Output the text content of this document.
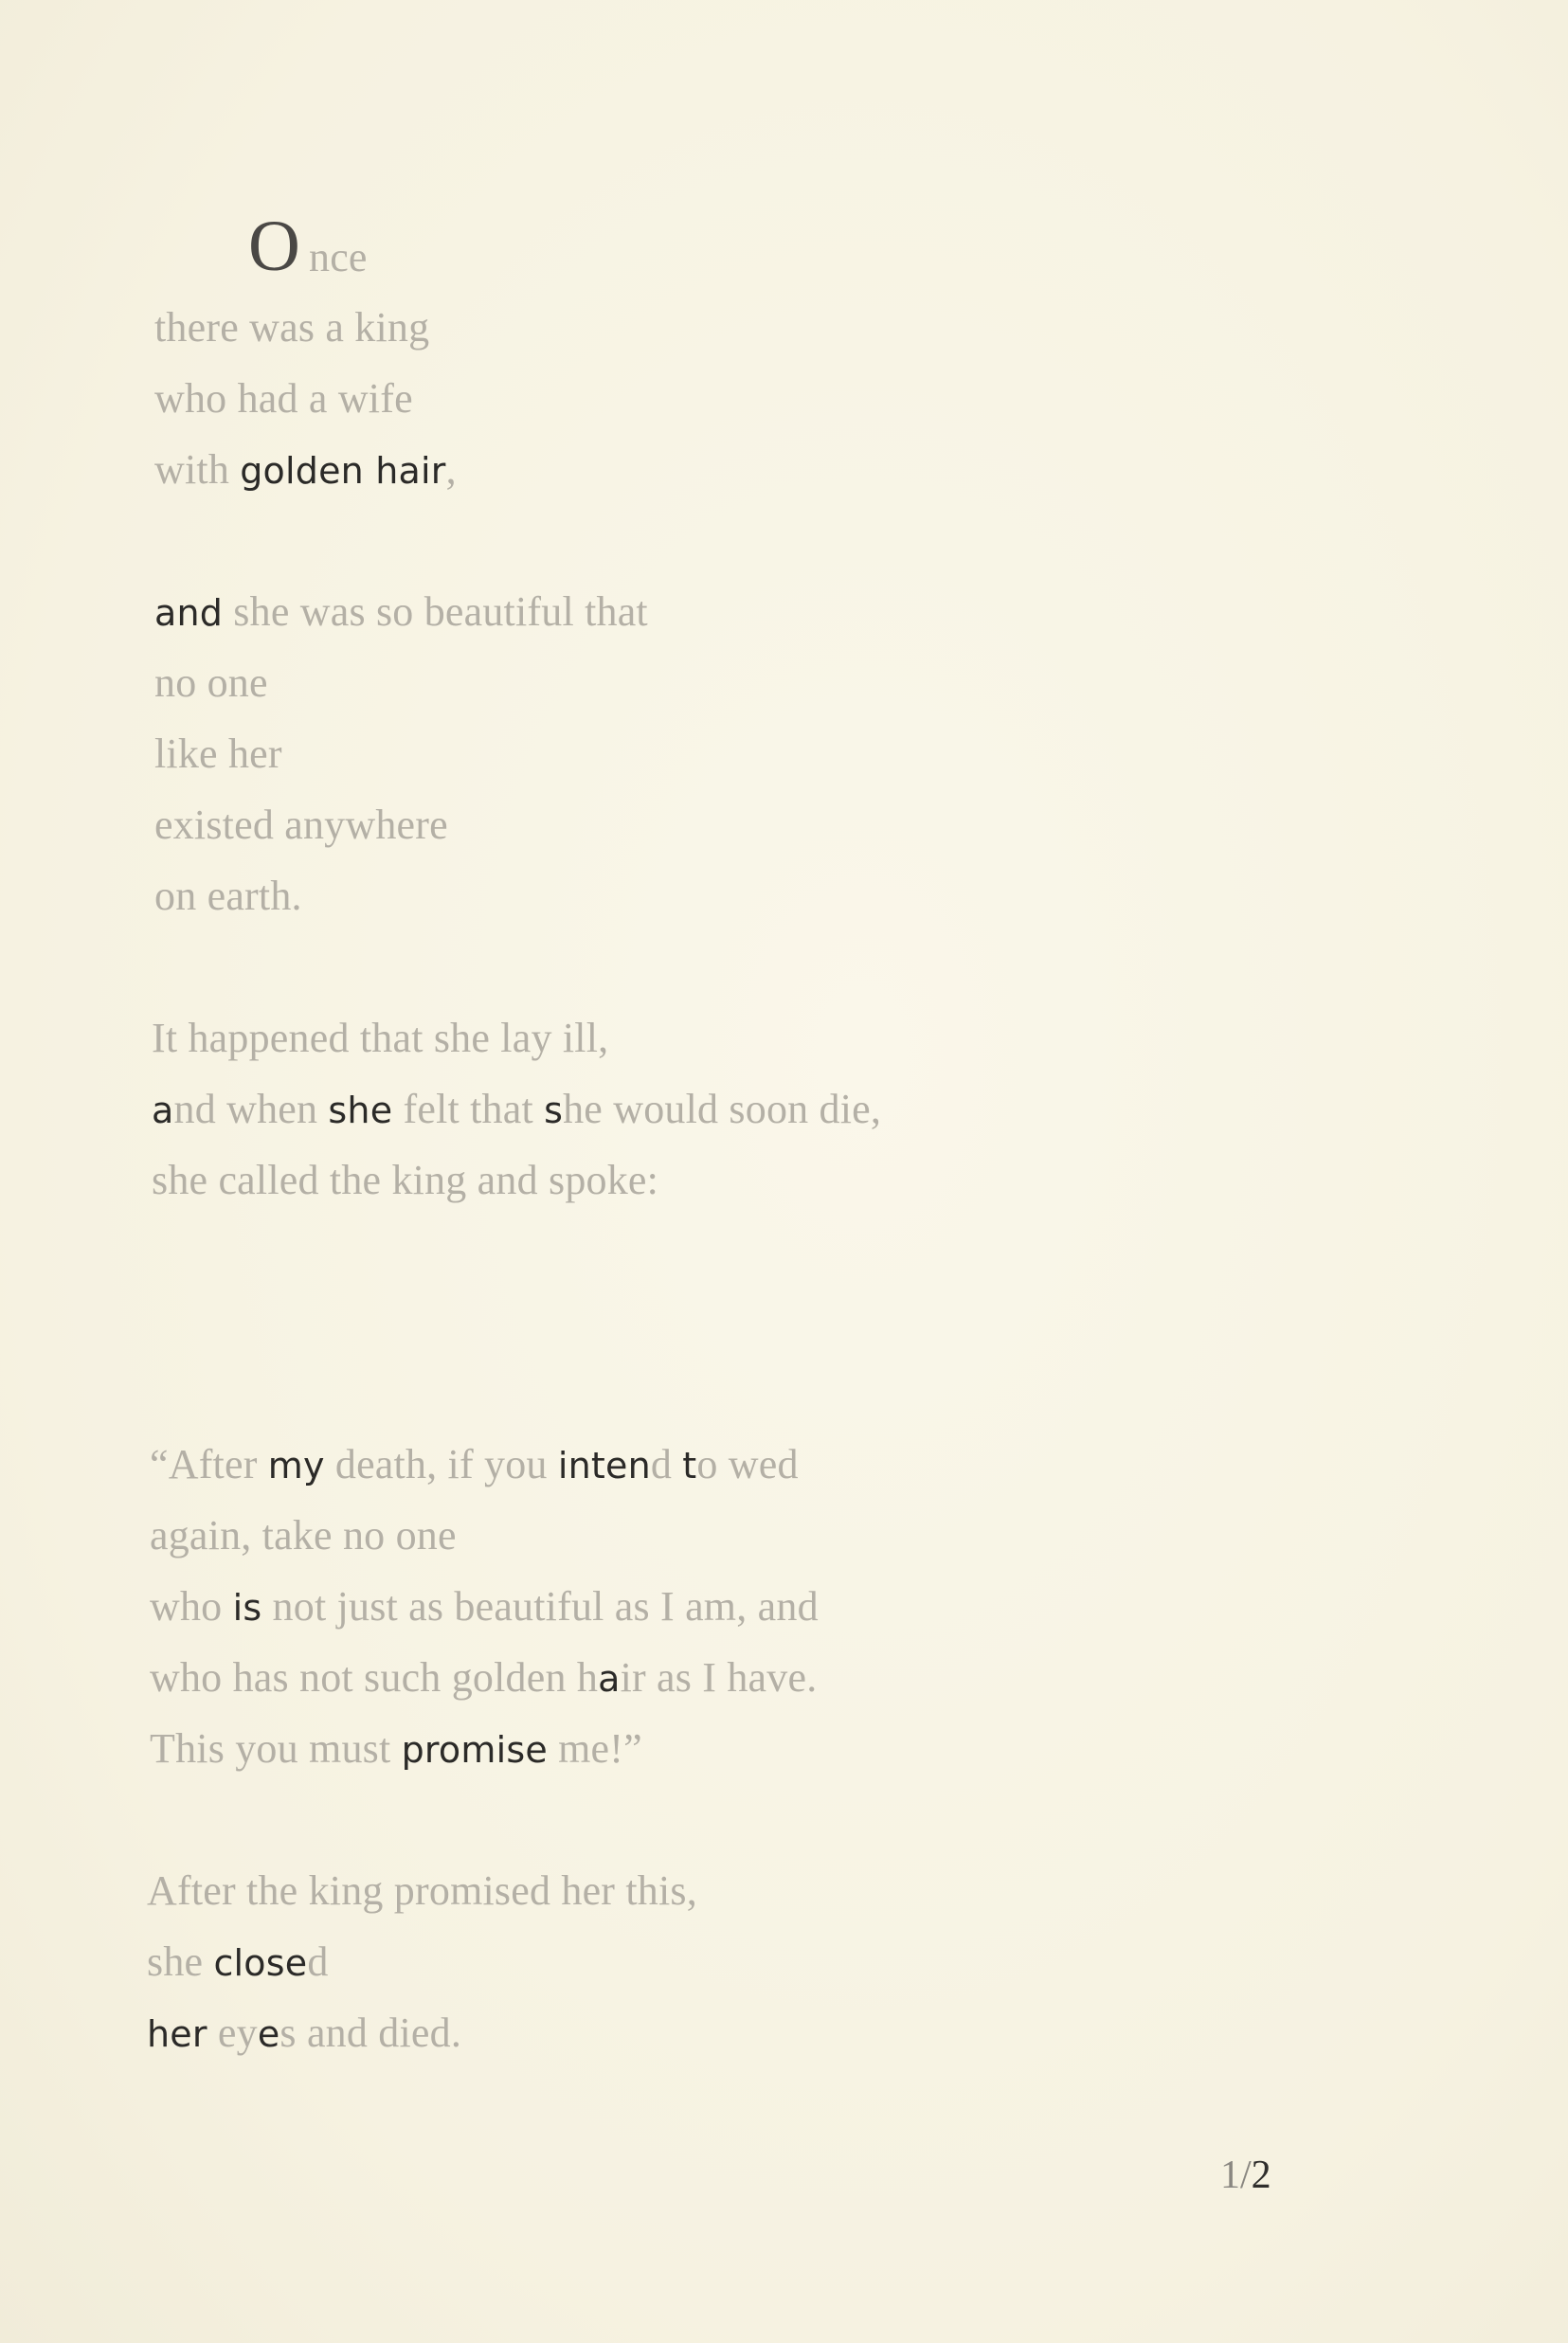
O nce
there was a king
who had a wife
with golden hair,
and she was so beautiful that
no one
like her
existed anywhere
on earth.
It happened that she lay ill,
and when she felt that she would soon die,
she called the king and spoke:
“After my death, if you intend to wed
again, take no one
who is not just as beautiful as I am, and
who has not such golden hair as I have.
This you must promise me!”
After the king promised her this,
she closed
her eyes and died.
1/2
